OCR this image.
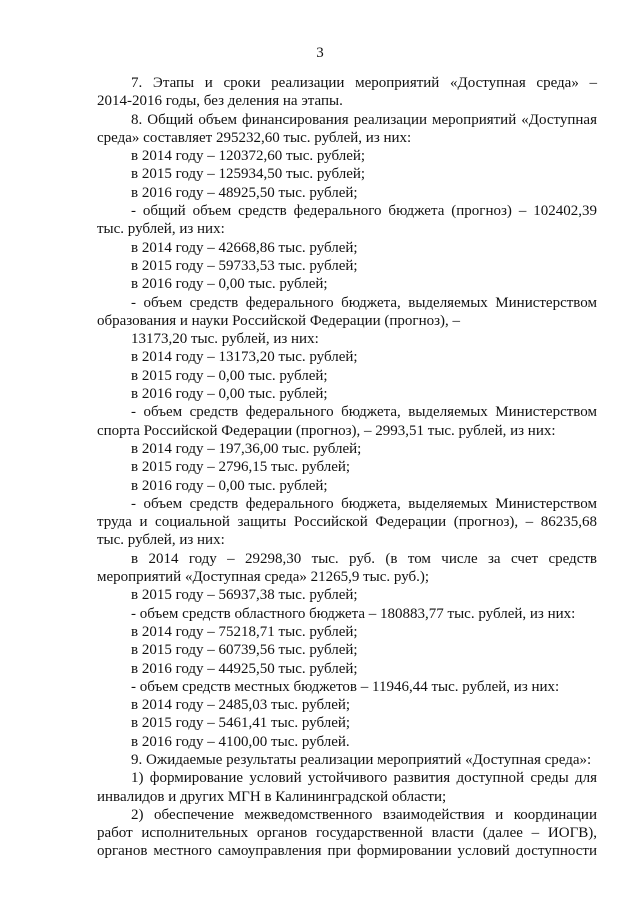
3

7. Этапы и сроки реализации мероприятий «Доступная среда» –

2014-2016 годы, без деления на этапы.

8. Общий объем финансирования реализации мероприятий «Доступная

среда» составляет 295232,60 тыс. рублей, из них:

в 2014 году – 120372,60 тыс. рублей;

в 2015 году – 125934,50 тыс. рублей;

в 2016 году – 48925,50 тыс. рублей;

- общий объем средств федерального бюджета (прогноз) – 102402,39

тыс. рублей, из них:

в 2014 году – 42668,86 тыс. рублей;

в 2015 году – 59733,53 тыс. рублей;

в 2016 году – 0,00 тыс. рублей;

- объем средств федерального бюджета, выделяемых Министерством

образования и науки Российской Федерации (прогноз), –

13173,20 тыс. рублей, из них:

в 2014 году – 13173,20 тыс. рублей;

в 2015 году – 0,00 тыс. рублей;

в 2016 году – 0,00 тыс. рублей;

- объем средств федерального бюджета, выделяемых Министерством

спорта Российской Федерации (прогноз), – 2993,51 тыс. рублей, из них:

в 2014 году – 197,36,00 тыс. рублей;

в 2015 году – 2796,15 тыс. рублей;

в 2016 году – 0,00 тыс. рублей;

- объем средств федерального бюджета, выделяемых Министерством

труда и социальной защиты Российской Федерации (прогноз), – 86235,68

тыс. рублей, из них:

в 2014 году – 29298,30 тыс. руб. (в том числе за счет средств

мероприятий «Доступная среда» 21265,9 тыс. руб.);

в 2015 году – 56937,38 тыс. рублей;

- объем средств областного бюджета – 180883,77 тыс. рублей, из них:

в 2014 году – 75218,71 тыс. рублей;

в 2015 году – 60739,56 тыс. рублей;

в 2016 году – 44925,50 тыс. рублей;

- объем средств местных бюджетов – 11946,44 тыс. рублей, из них:

в 2014 году – 2485,03 тыс. рублей;

в 2015 году – 5461,41 тыс. рублей;

в 2016 году – 4100,00 тыс. рублей.

9. Ожидаемые результаты реализации мероприятий «Доступная среда»:

1) формирование условий устойчивого развития доступной среды для

инвалидов и других МГН в Калининградской области;

2) обеспечение межведомственного взаимодействия и координации

работ исполнительных органов государственной власти (далее – ИОГВ),

органов местного самоуправления при формировании условий доступности
